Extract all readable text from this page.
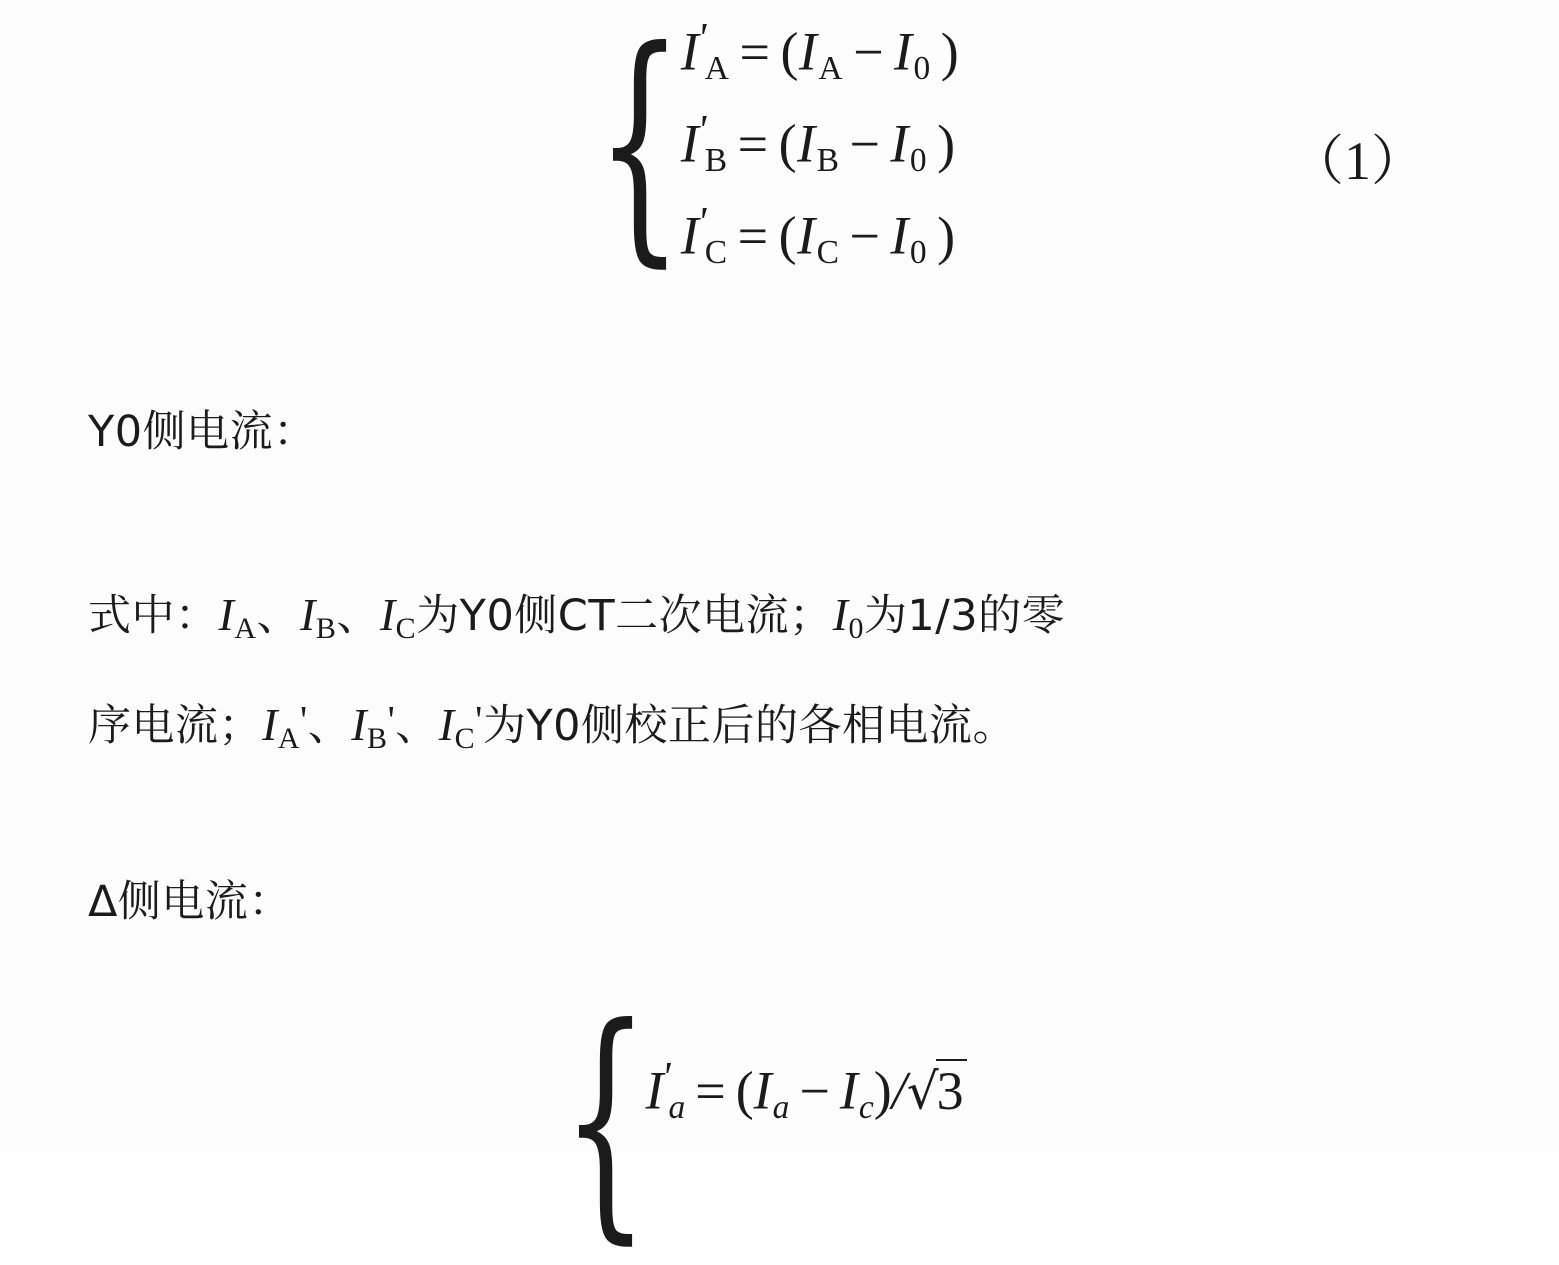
{
$I'_A = (I_A - I_0$ )
$I'_B = (I_B - I_0$ )
$I'_C = (I_C - I_0$ )
（1）
Y0侧电流：
式中：IA、IB、IC为Y0侧CT二次电流；I0为1/3的零
序电流；IA'、IB'、IC'为Y0侧校正后的各相电流。
Δ侧电流：
{
I'a = (Ia − Ic)/√3
